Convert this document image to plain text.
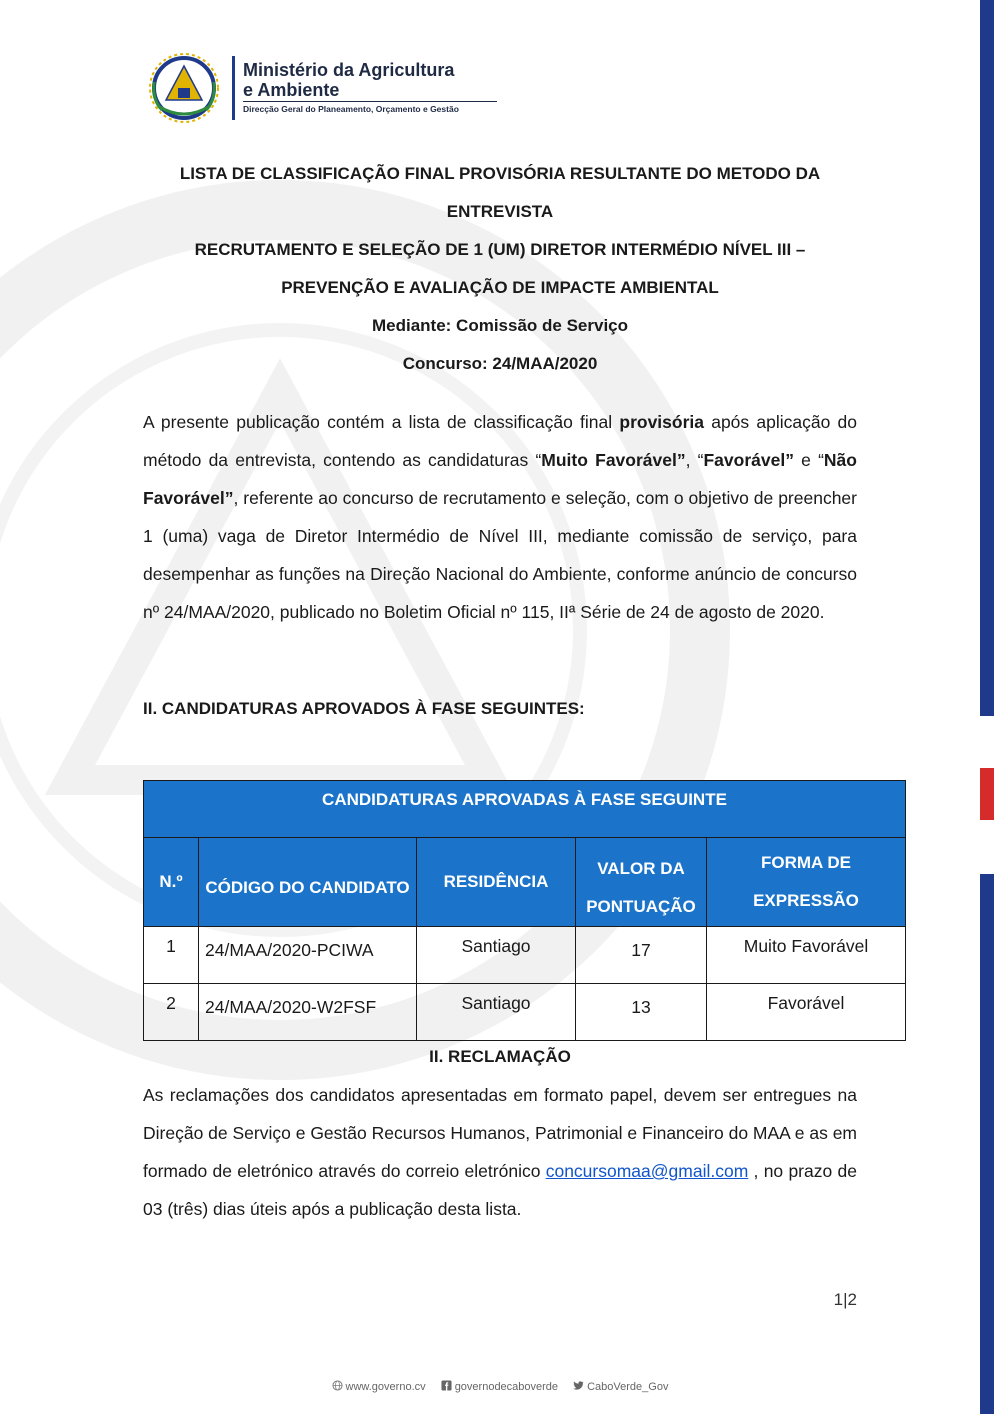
Ministério da Agricultura
e Ambiente
Direcção Geral do Planeamento, Orçamento e Gestão
LISTA DE CLASSIFICAÇÃO FINAL PROVISÓRIA RESULTANTE DO METODO DA
ENTREVISTA
RECRUTAMENTO E SELEÇÃO DE 1 (UM) DIRETOR INTERMÉDIO NÍVEL III –
PREVENÇÃO E AVALIAÇÃO DE IMPACTE AMBIENTAL
Mediante: Comissão de Serviço
Concurso: 24/MAA/2020
A presente publicação contém a lista de classificação final provisória após aplicação do método da entrevista, contendo as candidaturas “Muito Favorável”, “Favorável” e “Não Favorável”, referente ao concurso de recrutamento e seleção, com o objetivo de preencher 1 (uma) vaga de Diretor Intermédio de Nível III, mediante comissão de serviço, para desempenhar as funções na Direção Nacional do Ambiente, conforme anúncio de concurso nº 24/MAA/2020, publicado no Boletim Oficial nº 115, IIª Série de 24 de agosto de 2020.
II. CANDIDATURAS APROVADOS À FASE SEGUINTES:
CANDIDATURAS APROVADAS À FASE SEGUINTE				
N.º	CÓDIGO DO CANDIDATO	RESIDÊNCIA	VALOR DA PONTUAÇÃO	FORMA DE EXPRESSÃO
1	24/MAA/2020-PCIWA	Santiago	17	Muito Favorável
2	24/MAA/2020-W2FSF	Santiago	13	Favorável
II. RECLAMAÇÃO
As reclamações dos candidatos apresentadas em formato papel, devem ser entregues na Direção de Serviço e Gestão Recursos Humanos, Patrimonial e Financeiro do MAA e as em formado de eletrónico através do correio eletrónico concursomaa@gmail.com , no prazo de 03 (três) dias úteis após a publicação desta lista.
1|2
www.governo.cv	governodecaboverde	CaboVerde_Gov
